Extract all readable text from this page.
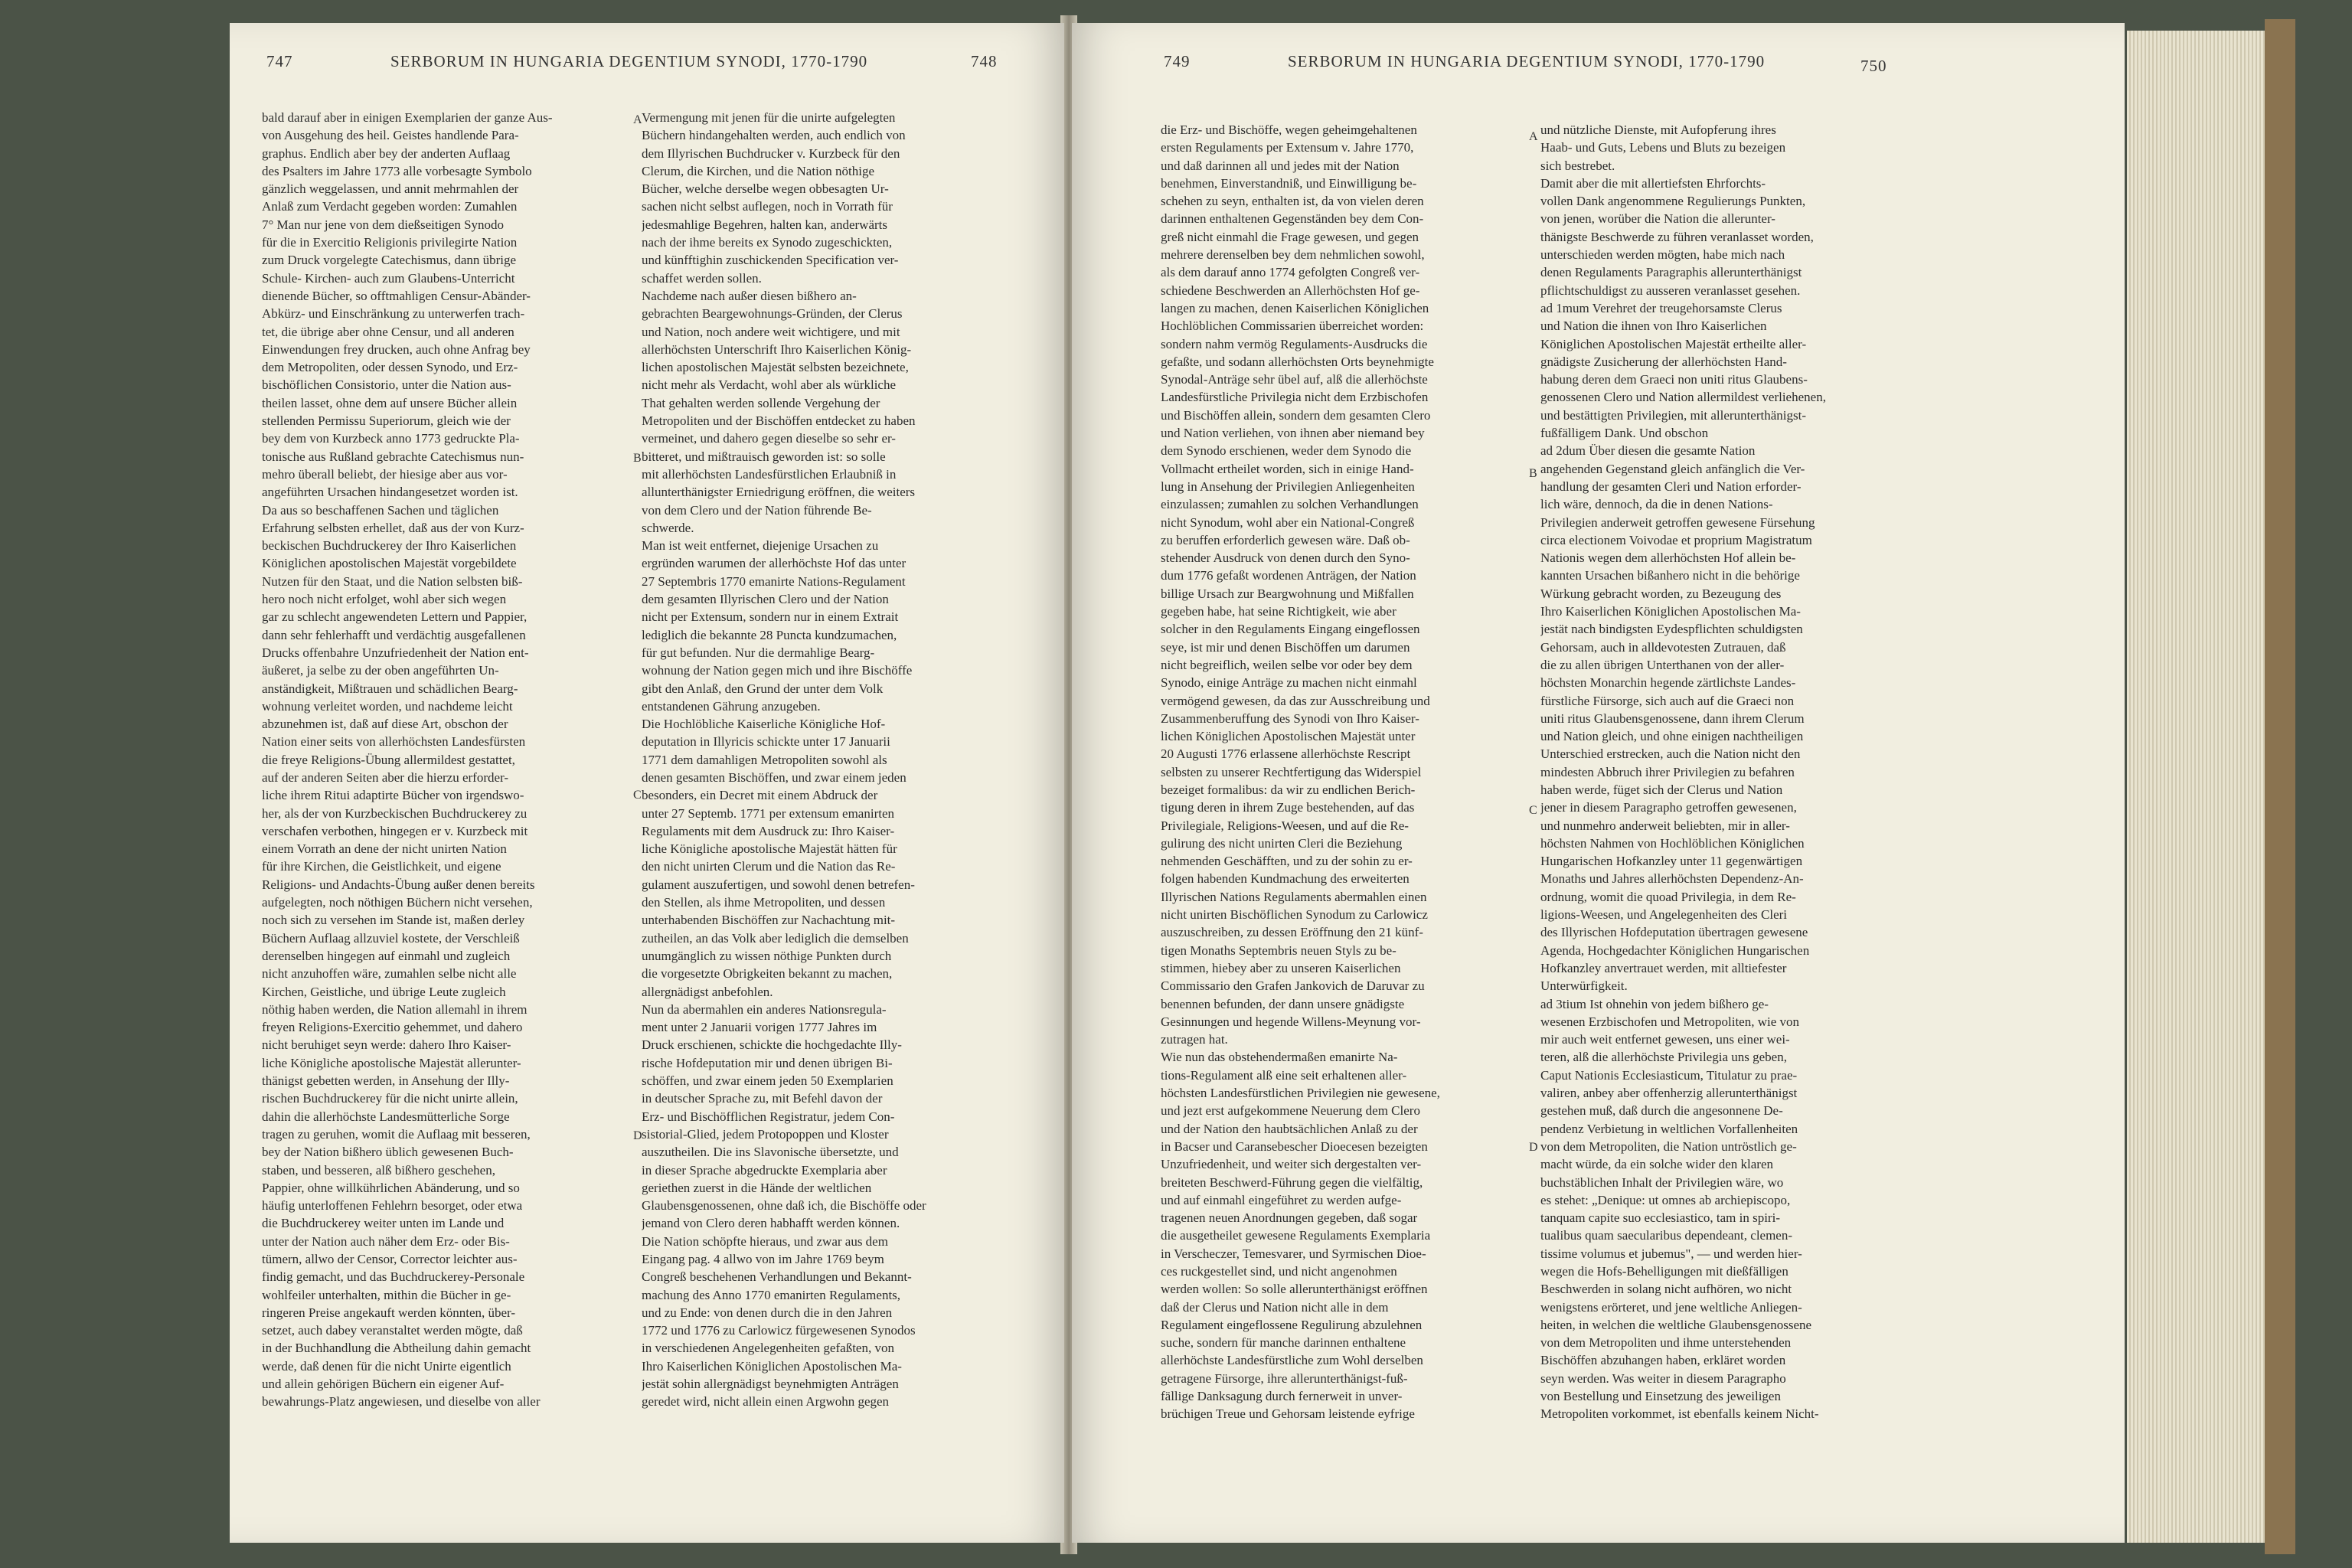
747	SERBORUM IN HUNGARIA DEGENTIUM SYNODI, 1770-1790	748
bald darauf aber in einigen Exemplarien der ganze Aus-
von Ausgehung des heil. Geistes handlende Para-
graphus. Endlich aber bey der anderten Auflaag
des Psalters im Jahre 1773 alle vorbesagte Symbolo
gänzlich weggelassen, und annit mehrmahlen der
Anlaß zum Verdacht gegeben worden: Zumahlen
7° Man nur jene von dem dießseitigen Synodo
für die in Exercitio Religionis privilegirte Nation
zum Druck vorgelegte Catechismus, dann übrige
Schule- Kirchen- auch zum Glaubens-Unterricht
dienende Bücher, so offtmahligen Censur-Abänder-
Abkürz- und Einschränkung zu unterwerfen trach-
tet, die übrige aber ohne Censur, und all anderen
Einwendungen frey drucken, auch ohne Anfrag bey
dem Metropoliten, oder dessen Synodo, und Erz-
bischöflichen Consistorio, unter die Nation aus-
theilen lasset, ohne dem auf unsere Bücher allein
stellenden Permissu Superiorum, gleich wie der
bey dem von Kurzbeck anno 1773 gedruckte Pla-
tonische aus Rußland gebrachte Catechismus nun-
mehro überall beliebt, der hiesige aber aus vor-
angeführten Ursachen hindangesetzet worden ist.
Da aus so beschaffenen Sachen und täglichen
Erfahrung selbsten erhellet, daß aus der von Kurz-
beckischen Buchdruckerey der Ihro Kaiserlichen
Königlichen apostolischen Majestät vorgebildete
Nutzen für den Staat, und die Nation selbsten biß-
hero noch nicht erfolget, wohl aber sich wegen
gar zu schlecht angewendeten Lettern und Pappier,
dann sehr fehlerhafft und verdächtig ausgefallenen
Drucks offenbahre Unzufriedenheit der Nation ent-
äußeret, ja selbe zu der oben angeführten Un-
anständigkeit, Mißtrauen und schädlichen Bearg-
wohnung verleitet worden, und nachdeme leicht
abzunehmen ist, daß auf diese Art, obschon der
Nation einer seits von allerhöchsten Landesfürsten
die freye Religions-Übung allermildest gestattet,
auf der anderen Seiten aber die hierzu erforder-
liche ihrem Ritui adaptirte Bücher von irgendswo-
her, als der von Kurzbeckischen Buchdruckerey zu
verschafen verbothen, hingegen er v. Kurzbeck mit
einem Vorrath an dene der nicht unirten Nation
für ihre Kirchen, die Geistlichkeit, und eigene
Religions- und Andachts-Übung außer denen bereits
aufgelegten, noch nöthigen Büchern nicht versehen,
noch sich zu versehen im Stande ist, maßen derley
Büchern Auflaag allzuviel kostete, der Verschleiß
derenselben hingegen auf einmahl und zugleich
nicht anzuhoffen wäre, zumahlen selbe nicht alle
Kirchen, Geistliche, und übrige Leute zugleich
nöthig haben werden, die Nation allemahl in ihrem
freyen Religions-Exercitio gehemmet, und dahero
nicht beruhiget seyn werde: dahero Ihro Kaiser-
liche Königliche apostolische Majestät allerunter-
thänigst gebetten werden, in Ansehung der Illy-
rischen Buchdruckerey für die nicht unirte allein,
dahin die allerhöchste Landesmütterliche Sorge
tragen zu geruhen, womit die Auflaag mit besseren,
bey der Nation bißhero üblich gewesenen Buch-
staben, und besseren, alß bißhero geschehen,
Pappier, ohne willkührlichen Abänderung, und so
häufig unterloffenen Fehlehrn besorget, oder etwa
die Buchdruckerey weiter unten im Lande und
unter der Nation auch näher dem Erz- oder Bis-
tümern, allwo der Censor, Corrector leichter aus-
findig gemacht, und das Buchdruckerey-Personale
wohlfeiler unterhalten, mithin die Bücher in ge-
ringeren Preise angekauft werden könnten, über-
setzet, auch dabey veranstaltet werden mögte, daß
in der Buchhandlung die Abtheilung dahin gemacht
werde, daß denen für die nicht Unirte eigentlich
und allein gehörigen Büchern ein eigener Auf-
bewahrungs-Platz angewiesen, und dieselbe von aller
A
B
C
D
Vermengung mit jenen für die unirte aufgelegten
Büchern hindangehalten werden, auch endlich von
dem Illyrischen Buchdrucker v. Kurzbeck für den
Clerum, die Kirchen, und die Nation nöthige
Bücher, welche derselbe wegen obbesagten Ur-
sachen nicht selbst auflegen, noch in Vorrath für
jedesmahlige Begehren, halten kan, anderwärts
nach der ihme bereits ex Synodo zugeschickten,
und künfftighin zuschickenden Specification ver-
schaffet werden sollen.
Nachdeme nach außer diesen bißhero an-
gebrachten Beargewohnungs-Gründen, der Clerus
und Nation, noch andere weit wichtigere, und mit
allerhöchsten Unterschrift Ihro Kaiserlichen König-
lichen apostolischen Majestät selbsten bezeichnete,
nicht mehr als Verdacht, wohl aber als würkliche
That gehalten werden sollende Vergehung der
Metropoliten und der Bischöffen entdecket zu haben
vermeinet, und dahero gegen dieselbe so sehr er-
bitteret, und mißtrauisch geworden ist: so solle
mit allerhöchsten Landesfürstlichen Erlaubniß in
allunterthänigster Erniedrigung eröffnen, die weiters
von dem Clero und der Nation führende Be-
schwerde.
Man ist weit entfernet, diejenige Ursachen zu
ergründen warumen der allerhöchste Hof das unter
27 Septembris 1770 emanirte Nations-Regulament
dem gesamten Illyrischen Clero und der Nation
nicht per Extensum, sondern nur in einem Extrait
lediglich die bekannte 28 Puncta kundzumachen,
für gut befunden. Nur die dermahlige Bearg-
wohnung der Nation gegen mich und ihre Bischöffe
gibt den Anlaß, den Grund der unter dem Volk
entstandenen Gährung anzugeben.
Die Hochlöbliche Kaiserliche Königliche Hof-
deputation in Illyricis schickte unter 17 Januarii
1771 dem damahligen Metropoliten sowohl als
denen gesamten Bischöffen, und zwar einem jeden
besonders, ein Decret mit einem Abdruck der
unter 27 Septemb. 1771 per extensum emanirten
Regulaments mit dem Ausdruck zu: Ihro Kaiser-
liche Königliche apostolische Majestät hätten für
den nicht unirten Clerum und die Nation das Re-
gulament auszufertigen, und sowohl denen betrefen-
den Stellen, als ihme Metropoliten, und dessen
unterhabenden Bischöffen zur Nachachtung mit-
zutheilen, an das Volk aber lediglich die demselben
unumgänglich zu wissen nöthige Punkten durch
die vorgesetzte Obrigkeiten bekannt zu machen,
allergnädigst anbefohlen.
Nun da abermahlen ein anderes Nationsregula-
ment unter 2 Januarii vorigen 1777 Jahres im
Druck erschienen, schickte die hochgedachte Illy-
rische Hofdeputation mir und denen übrigen Bi-
schöffen, und zwar einem jeden 50 Exemplarien
in deutscher Sprache zu, mit Befehl davon der
Erz- und Bischöfflichen Registratur, jedem Con-
sistorial-Glied, jedem Protopoppen und Kloster
auszutheilen. Die ins Slavonische übersetzte, und
in dieser Sprache abgedruckte Exemplaria aber
geriethen zuerst in die Hände der weltlichen
Glaubensgenossenen, ohne daß ich, die Bischöffe oder
jemand von Clero deren habhafft werden können.
Die Nation schöpfte hieraus, und zwar aus dem
Eingang pag. 4 allwo von im Jahre 1769 beym
Congreß beschehenen Verhandlungen und Bekannt-
machung des Anno 1770 emanirten Regulaments,
und zu Ende: von denen durch die in den Jahren
1772 und 1776 zu Carlowicz fürgewesenen Synodos
in verschiedenen Angelegenheiten gefaßten, von
Ihro Kaiserlichen Königlichen Apostolischen Ma-
jestät sohin allergnädigst beynehmigten Anträgen
geredet wird, nicht allein einen Argwohn gegen
749	SERBORUM IN HUNGARIA DEGENTIUM SYNODI, 1770-1790	750
die Erz- und Bischöffe, wegen geheimgehaltenen
ersten Regulaments per Extensum v. Jahre 1770,
und daß darinnen all und jedes mit der Nation
benehmen, Einverstandniß, und Einwilligung be-
schehen zu seyn, enthalten ist, da von vielen deren
darinnen enthaltenen Gegenständen bey dem Con-
greß nicht einmahl die Frage gewesen, und gegen
mehrere derenselben bey dem nehmlichen sowohl,
als dem darauf anno 1774 gefolgten Congreß ver-
schiedene Beschwerden an Allerhöchsten Hof ge-
langen zu machen, denen Kaiserlichen Königlichen
Hochlöblichen Commissarien überreichet worden:
sondern nahm vermög Regulaments-Ausdrucks die
gefaßte, und sodann allerhöchsten Orts beynehmigte
Synodal-Anträge sehr übel auf, alß die allerhöchste
Landesfürstliche Privilegia nicht dem Erzbischofen
und Bischöffen allein, sondern dem gesamten Clero
und Nation verliehen, von ihnen aber niemand bey
dem Synodo erschienen, weder dem Synodo die
Vollmacht ertheilet worden, sich in einige Hand-
lung in Ansehung der Privilegien Anliegenheiten
einzulassen; zumahlen zu solchen Verhandlungen
nicht Synodum, wohl aber ein National-Congreß
zu beruffen erforderlich gewesen wäre. Daß ob-
stehender Ausdruck von denen durch den Syno-
dum 1776 gefaßt wordenen Anträgen, der Nation
billige Ursach zur Beargwohnung und Mißfallen
gegeben habe, hat seine Richtigkeit, wie aber
solcher in den Regulaments Eingang eingeflossen
seye, ist mir und denen Bischöffen um darumen
nicht begreiflich, weilen selbe vor oder bey dem
Synodo, einige Anträge zu machen nicht einmahl
vermögend gewesen, da das zur Ausschreibung und
Zusammenberuffung des Synodi von Ihro Kaiser-
lichen Königlichen Apostolischen Majestät unter
20 Augusti 1776 erlassene allerhöchste Rescript
selbsten zu unserer Rechtfertigung das Widerspiel
bezeiget formalibus: da wir zu endlichen Berich-
tigung deren in ihrem Zuge bestehenden, auf das
Privilegiale, Religions-Weesen, und auf die Re-
gulirung des nicht unirten Cleri die Beziehung
nehmenden Geschäfften, und zu der sohin zu er-
folgen habenden Kundmachung des erweiterten
Illyrischen Nations Regulaments abermahlen einen
nicht unirten Bischöflichen Synodum zu Carlowicz
auszuschreiben, zu dessen Eröffnung den 21 künf-
tigen Monaths Septembris neuen Styls zu be-
stimmen, hiebey aber zu unseren Kaiserlichen
Commissario den Grafen Jankovich de Daruvar zu
benennen befunden, der dann unsere gnädigste
Gesinnungen und hegende Willens-Meynung vor-
zutragen hat.
Wie nun das obstehendermaßen emanirte Na-
tions-Regulament alß eine seit erhaltenen aller-
höchsten Landesfürstlichen Privilegien nie gewesene,
und jezt erst aufgekommene Neuerung dem Clero
und der Nation den haubtsächlichen Anlaß zu der
in Bacser und Caransebescher Dioecesen bezeigten
Unzufriedenheit, und weiter sich dergestalten ver-
breiteten Beschwerd-Führung gegen die vielfältig,
und auf einmahl eingeführet zu werden aufge-
tragenen neuen Anordnungen gegeben, daß sogar
die ausgetheilet gewesene Regulaments Exemplaria
in Verscheczer, Temesvarer, und Syrmischen Dioe-
ces ruckgestellet sind, und nicht angenohmen
werden wollen: So solle allerunterthänigst eröffnen
daß der Clerus und Nation nicht alle in dem
Regulament eingeflossene Regulirung abzulehnen
suche, sondern für manche darinnen enthaltene
allerhöchste Landesfürstliche zum Wohl derselben
getragene Fürsorge, ihre allerunterthänigst-fuß-
fällige Danksagung durch fernerweit in unver-
brüchigen Treue und Gehorsam leistende eyfrige
A
B
C
D
und nützliche Dienste, mit Aufopferung ihres
Haab- und Guts, Lebens und Bluts zu bezeigen
sich bestrebet.
Damit aber die mit allertiefsten Ehrforchts-
vollen Dank angenommene Regulierungs Punkten,
von jenen, worüber die Nation die allerunter-
thänigste Beschwerde zu führen veranlasset worden,
unterschieden werden mögten, habe mich nach
denen Regulaments Paragraphis allerunterthänigst
pflichtschuldigst zu ausseren veranlasset gesehen.
ad 1mum Verehret der treugehorsamste Clerus
und Nation die ihnen von Ihro Kaiserlichen
Königlichen Apostolischen Majestät ertheilte aller-
gnädigste Zusicherung der allerhöchsten Hand-
habung deren dem Graeci non uniti ritus Glaubens-
genossenen Clero und Nation allermildest verliehenen,
und bestättigten Privilegien, mit allerunterthänigst-
fußfälligem Dank. Und obschon
ad 2dum Über diesen die gesamte Nation
angehenden Gegenstand gleich anfänglich die Ver-
handlung der gesamten Cleri und Nation erforder-
lich wäre, dennoch, da die in denen Nations-
Privilegien anderweit getroffen gewesene Fürsehung
circa electionem Voivodae et proprium Magistratum
Nationis wegen dem allerhöchsten Hof allein be-
kannten Ursachen bißanhero nicht in die behörige
Würkung gebracht worden, zu Bezeugung des
Ihro Kaiserlichen Königlichen Apostolischen Ma-
jestät nach bindigsten Eydespflichten schuldigsten
Gehorsam, auch in alldevotesten Zutrauen, daß
die zu allen übrigen Unterthanen von der aller-
höchsten Monarchin hegende zärtlichste Landes-
fürstliche Fürsorge, sich auch auf die Graeci non
uniti ritus Glaubensgenossene, dann ihrem Clerum
und Nation gleich, und ohne einigen nachtheiligen
Unterschied erstrecken, auch die Nation nicht den
mindesten Abbruch ihrer Privilegien zu befahren
haben werde, füget sich der Clerus und Nation
jener in diesem Paragrapho getroffen gewesenen,
und nunmehro anderweit beliebten, mir in aller-
höchsten Nahmen von Hochlöblichen Königlichen
Hungarischen Hofkanzley unter 11 gegenwärtigen
Monaths und Jahres allerhöchsten Dependenz-An-
ordnung, womit die quoad Privilegia, in dem Re-
ligions-Weesen, und Angelegenheiten des Cleri
des Illyrischen Hofdeputation übertragen gewesene
Agenda, Hochgedachter Königlichen Hungarischen
Hofkanzley anvertrauet werden, mit alltiefester
Unterwürfigkeit.
ad 3tium Ist ohnehin von jedem bißhero ge-
wesenen Erzbischofen und Metropoliten, wie von
mir auch weit entfernet gewesen, uns einer wei-
teren, alß die allerhöchste Privilegia uns geben,
Caput Nationis Ecclesiasticum, Titulatur zu prae-
valiren, anbey aber offenherzig allerunterthänigst
gestehen muß, daß durch die angesonnene De-
pendenz Verbietung in weltlichen Vorfallenheiten
von dem Metropoliten, die Nation untröstlich ge-
macht würde, da ein solche wider den klaren
buchstäblichen Inhalt der Privilegien wäre, wo
es stehet: „Denique: ut omnes ab archiepiscopo,
tanquam capite suo ecclesiastico, tam in spiri-
tualibus quam saecularibus dependeant, clemen-
tissime volumus et jubemus", — und werden hier-
wegen die Hofs-Behelligungen mit dießfälligen
Beschwerden in solang nicht aufhören, wo nicht
wenigstens erörteret, und jene weltliche Anliegen-
heiten, in welchen die weltliche Glaubensgenossene
von dem Metropoliten und ihme unterstehenden
Bischöffen abzuhangen haben, erkläret worden
seyn werden. Was weiter in diesem Paragrapho
von Bestellung und Einsetzung des jeweiligen
Metropoliten vorkommet, ist ebenfalls keinem Nicht-
